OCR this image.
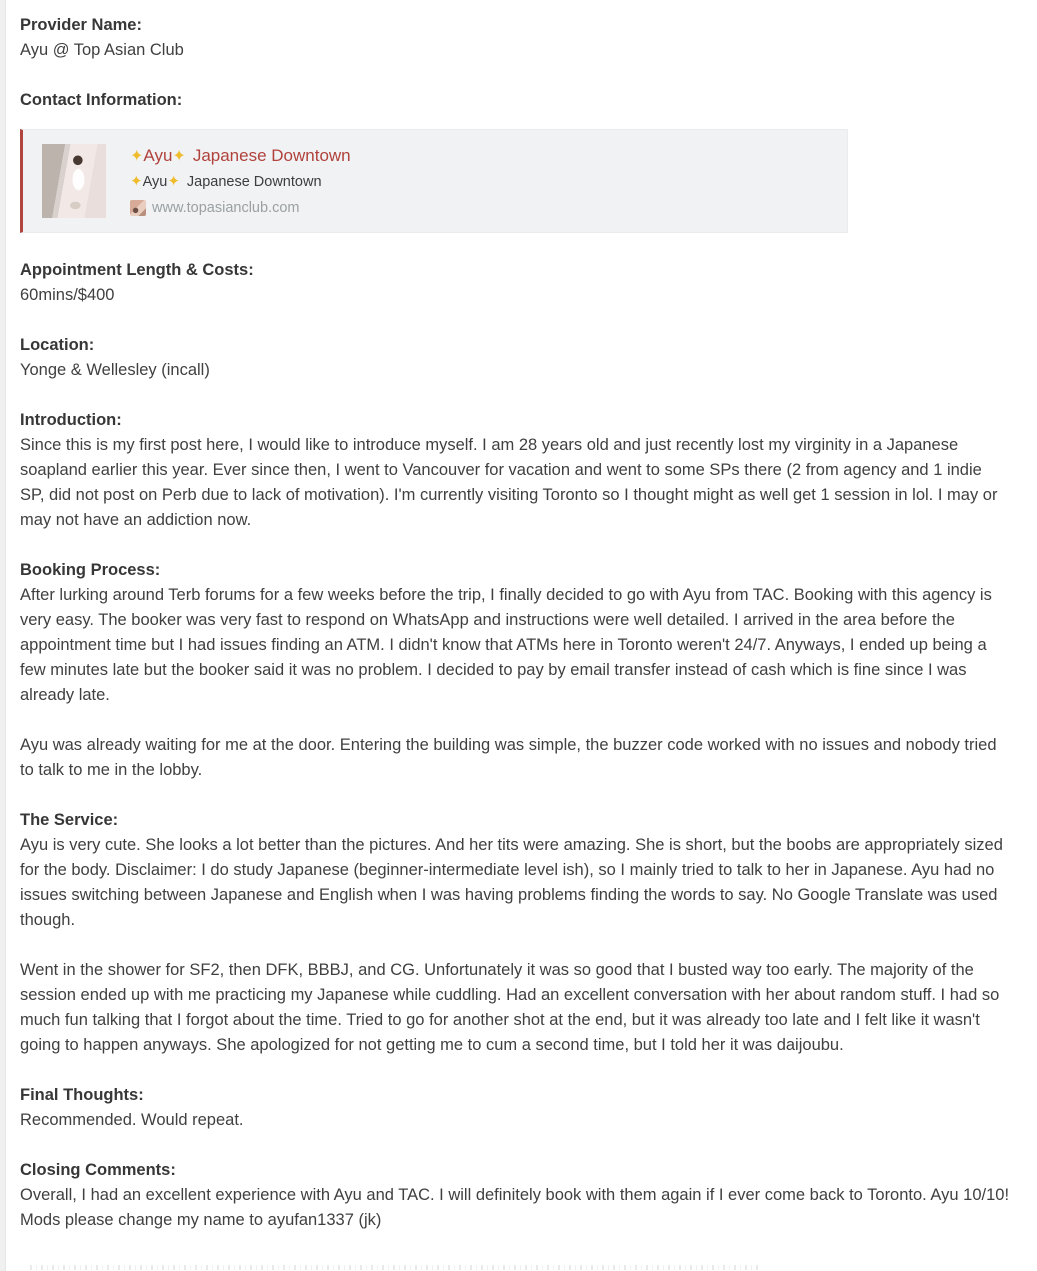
Provider Name:
Ayu @ Top Asian Club
Contact Information:
✦Ayu✦ Japanese Downtown
✦Ayu✦ Japanese Downtown
www.topasianclub.com
Appointment Length & Costs:
60mins/$400
Location:
Yonge & Wellesley (incall)
Introduction:

Since this is my first post here, I would like to introduce myself. I am 28 years old and just recently lost my virginity in a Japanese soapland earlier this year. Ever since then, I went to Vancouver for vacation and went to some SPs there (2 from agency and 1 indie SP, did not post on Perb due to lack of motivation). I'm currently visiting Toronto so I thought might as well get 1 session in lol. I may or may not have an addiction now.

Booking Process:

After lurking around Terb forums for a few weeks before the trip, I finally decided to go with Ayu from TAC. Booking with this agency is very easy. The booker was very fast to respond on WhatsApp and instructions were well detailed. I arrived in the area before the appointment time but I had issues finding an ATM. I didn't know that ATMs here in Toronto weren't 24/7. Anyways, I ended up being a few minutes late but the booker said it was no problem. I decided to pay by email transfer instead of cash which is fine since I was already late.

Ayu was already waiting for me at the door. Entering the building was simple, the buzzer code worked with no issues and nobody tried to talk to me in the lobby.

The Service:

Ayu is very cute. She looks a lot better than the pictures. And her tits were amazing. She is short, but the boobs are appropriately sized for the body. Disclaimer: I do study Japanese (beginner-intermediate level ish), so I mainly tried to talk to her in Japanese. Ayu had no issues switching between Japanese and English when I was having problems finding the words to say. No Google Translate was used though.

Went in the shower for SF2, then DFK, BBBJ, and CG. Unfortunately it was so good that I busted way too early. The majority of the session ended up with me practicing my Japanese while cuddling. Had an excellent conversation with her about random stuff. I had so much fun talking that I forgot about the time. Tried to go for another shot at the end, but it was already too late and I felt like it wasn't going to happen anyways. She apologized for not getting me to cum a second time, but I told her it was daijoubu.

Final Thoughts:
Recommended. Would repeat.
Closing Comments:

Overall, I had an excellent experience with Ayu and TAC. I will definitely book with them again if I ever come back to Toronto. Ayu 10/10! Mods please change my name to ayufan1337 (jk)
